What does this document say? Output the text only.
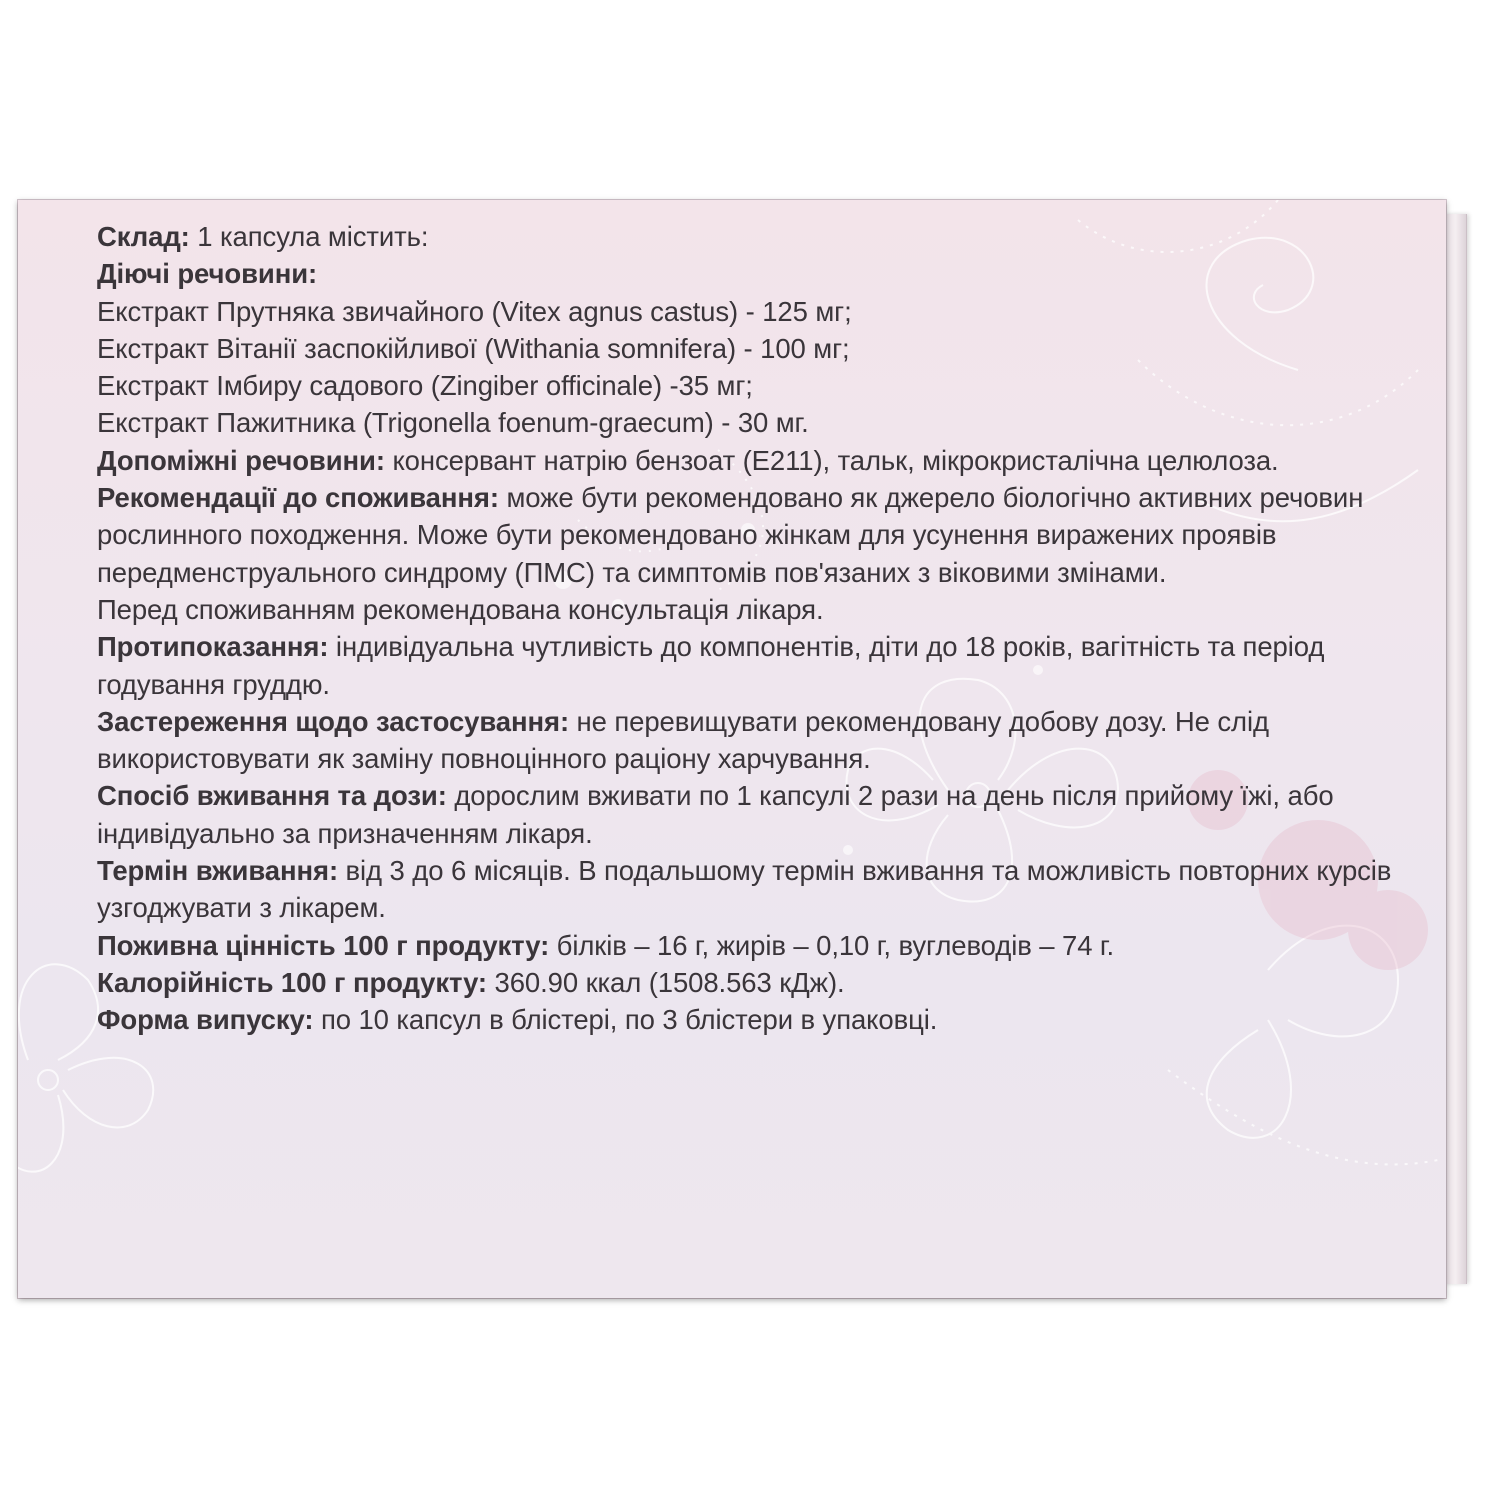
Склад: 1 капсула містить:

Діючі речовини:

Екстракт Прутняка звичайного (Vitex agnus castus) - 125 мг;

Екстракт Вітанії заспокійливої (Withania somnifera) - 100 мг;

Екстракт Імбиру садового (Zingiber officinale) -35 мг;

Екстракт Пажитника (Trigonella foenum-graecum) - 30 мг.

Допоміжні речовини: консервант натрію бензоат (Е211), тальк, мікрокристалічна целюлоза.

Рекомендації до споживання: може бути рекомендовано як джерело біологічно активних речовин рослинного походження. Може бути рекомендовано жінкам для усунення виражених проявів передменструального синдрому (ПМС) та симптомів пов'язаних з віковими змінами.

Перед споживанням рекомендована консультація лікаря.

Протипоказання: індивідуальна чутливість до компонентів, діти до 18 років, вагітність та період годування груддю.

Застереження щодо застосування: не перевищувати рекомендовану добову дозу. Не слід використовувати як заміну повноцінного раціону харчування.

Спосіб вживання та дози: дорослим вживати по 1 капсулі 2 рази на день після прийому їжі, або індивідуально за призначенням лікаря.

Термін вживання: від 3 до 6 місяців. В подальшому термін вживання та можливість повторних курсів узгоджувати з лікарем.

Поживна цінність 100 г продукту: білків – 16 г, жирів – 0,10 г, вуглеводів – 74 г.

Калорійність 100 г продукту: 360.90 ккал (1508.563 кДж).

Форма випуску: по 10 капсул в блістері, по 3 блістери в упаковці.
